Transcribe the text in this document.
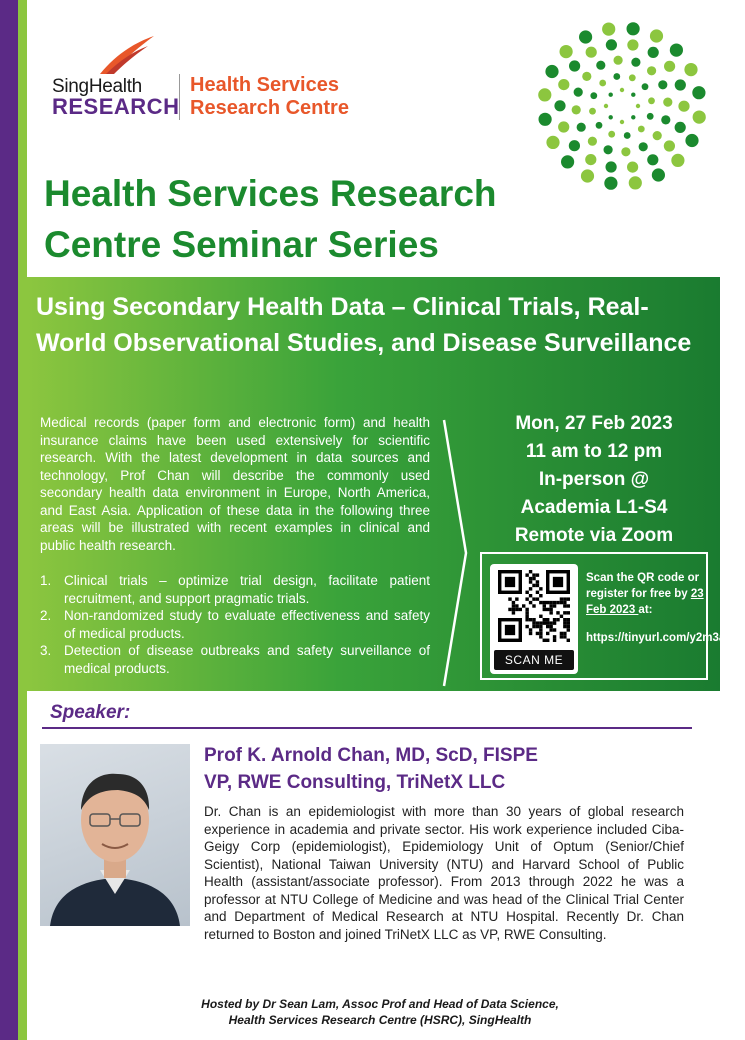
SingHealth
RESEARCH
Health Services
Research Centre
Health Services Research Centre Seminar Series
Using Secondary Health Data – Clinical Trials, Real-World Observational Studies, and Disease Surveillance
Medical records (paper form and electronic form) and health insurance claims have been used extensively for scientific research. With the latest development in data sources and technology, Prof Chan will describe the commonly used secondary health data environment in Europe, North America, and East Asia. Application of these data in the following three areas will be illustrated with recent examples in clinical and public health research.
1. Clinical trials – optimize trial design, facilitate patient recruitment, and support pragmatic trials.
2. Non-randomized study to evaluate effectiveness and safety of medical products.
3. Detection of disease outbreaks and safety surveillance of medical products.
Mon, 27 Feb 2023
11 am to 12 pm
In-person @
Academia L1-S4
Remote via Zoom
SCAN ME
Scan the QR code or register for free by 23 Feb 2023 at:
https://tinyurl.com/y2m3a674
Speaker:
Prof K. Arnold Chan, MD, ScD, FISPE
VP, RWE Consulting, TriNetX LLC
Dr. Chan is an epidemiologist with more than 30 years of global research experience in academia and private sector. His work experience included Ciba-Geigy Corp (epidemiologist), Epidemiology Unit of Optum (Senior/Chief Scientist), National Taiwan University (NTU) and Harvard School of Public Health (assistant/associate professor). From 2013 through 2022 he was a professor at NTU College of Medicine and was head of the Clinical Trial Center and Department of Medical Research at NTU Hospital. Recently Dr. Chan returned to Boston and joined TriNetX LLC as VP, RWE Consulting.
Hosted by Dr Sean Lam, Assoc Prof and Head of Data Science,
Health Services Research Centre (HSRC), SingHealth
